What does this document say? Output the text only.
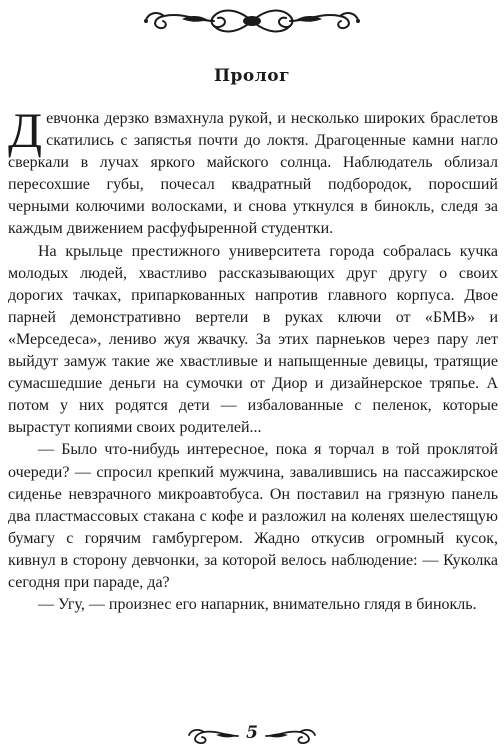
Пролог

Девчонка дерзко взмахнула рукой, и несколько широких браслетов скатились с запястья почти до локтя. Драгоценные камни нагло сверкали в лучах яркого майского солнца. Наблюдатель облизал пересохшие губы, почесал квадратный подбородок, поросший черными колючими волосками, и снова уткнулся в бинокль, следя за каждым движением расфуфыренной студентки.

На крыльце престижного университета города собралась кучка молодых людей, хвастливо рассказывающих друг другу о своих дорогих тачках, припаркованных напротив главного корпуса. Двое парней демонстративно вертели в руках ключи от «БМВ» и «Мерседеса», лениво жуя жвачку. За этих парнеьков через пару лет выйдут замуж такие же хвастливые и напыщенные девицы, тратящие сумасшедшие деньги на сумочки от Диор и дизайнерское тряпье. А потом у них родятся дети — избалованные с пеленок, которые вырастут копиями своих родителей...

— Было что-нибудь интересное, пока я торчал в той проклятой очереди? — спросил крепкий мужчина, завалившись на пассажирское сиденье невзрачного микроавтобуса. Он поставил на грязную панель два пластмассовых стакана с кофе и разложил на коленях шелестящую бумагу с горячим гамбургером. Жадно откусив огромный кусок, кивнул в сторону девчонки, за которой велось наблюдение: — Куколка сегодня при параде, да?

— Угу, — произнес его напарник, внимательно глядя в бинокль.

5
